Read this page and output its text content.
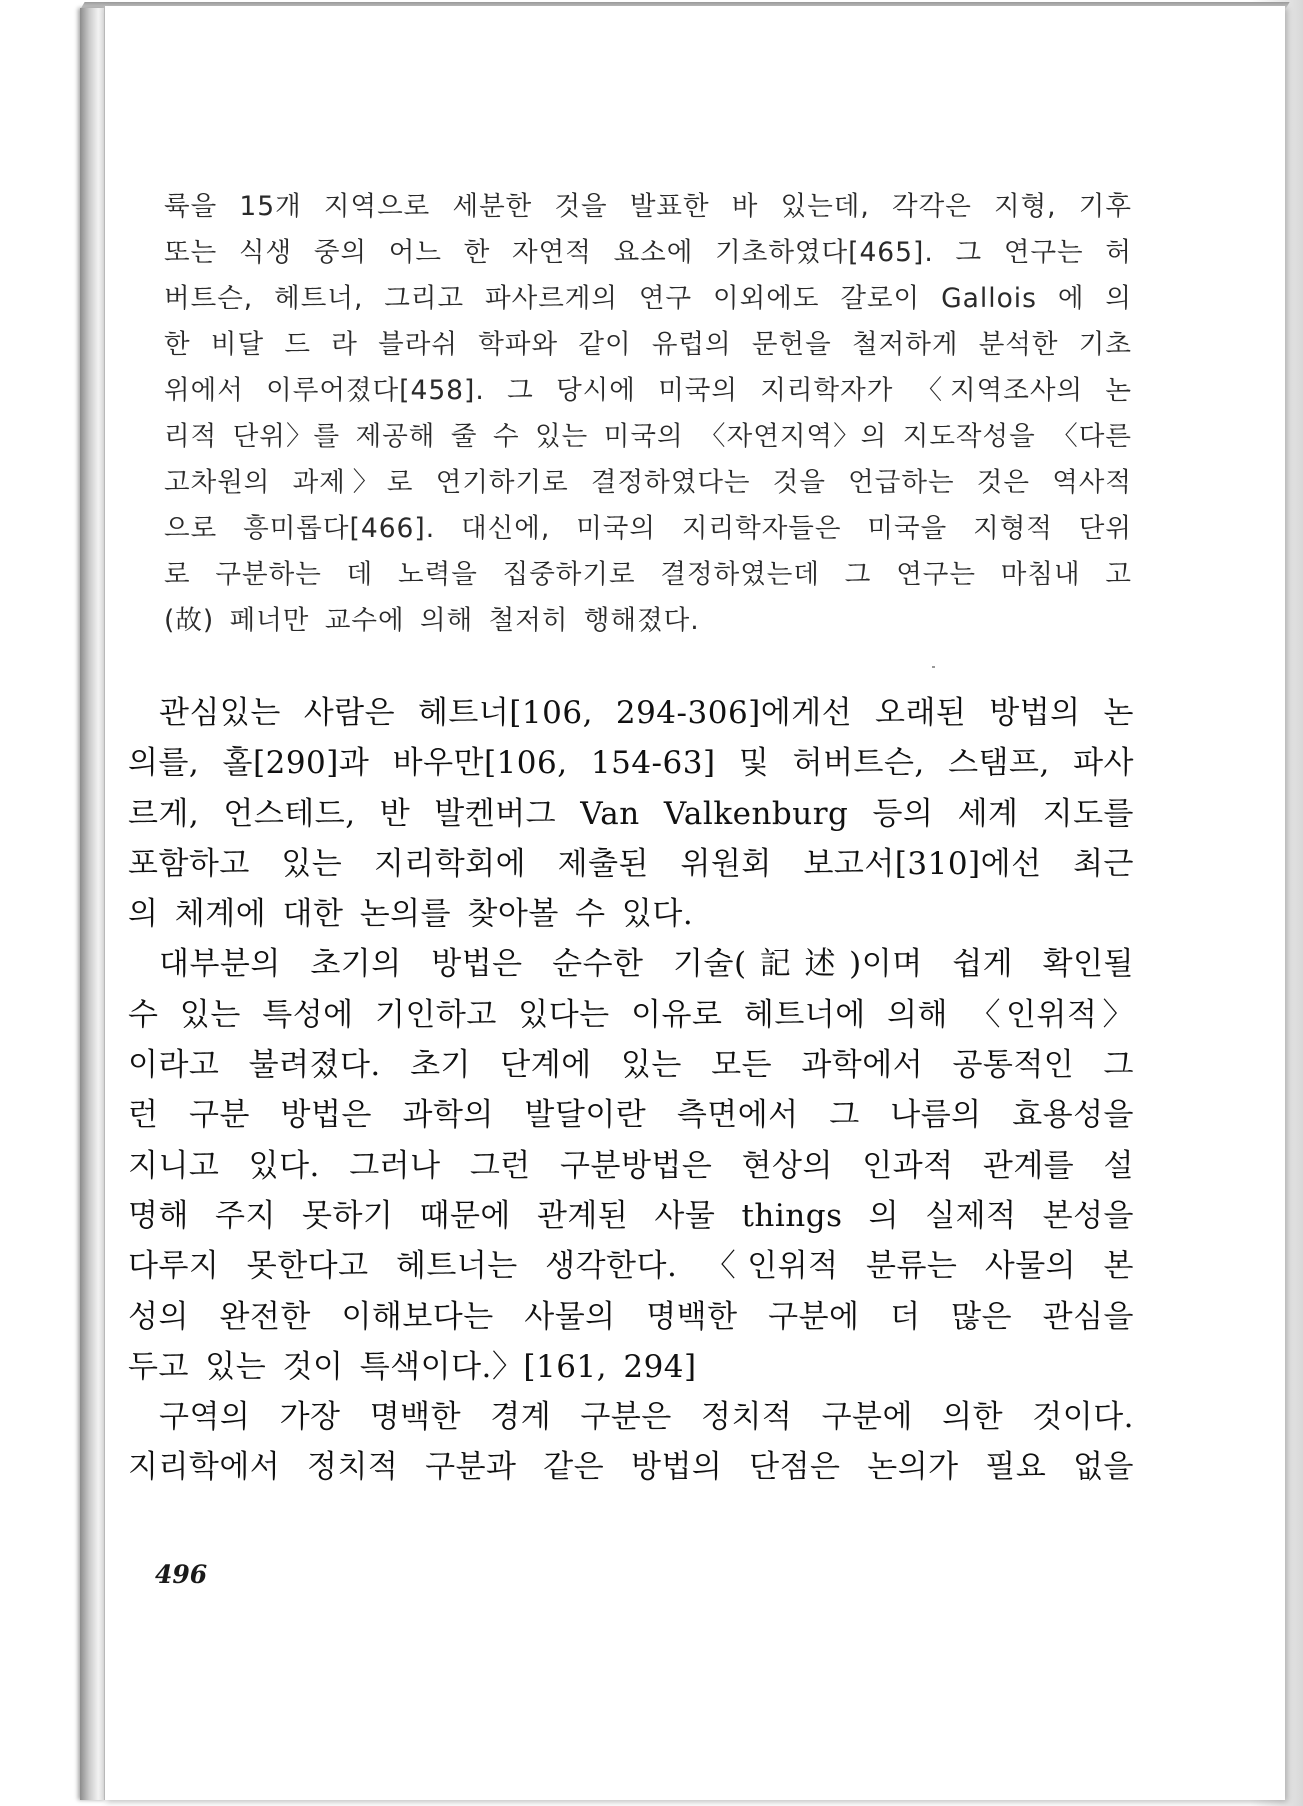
륙을 15개 지역으로 세분한 것을 발표한 바 있는데, 각각은 지형, 기후
또는 식생 중의 어느 한 자연적 요소에 기초하였다[465]. 그 연구는 허
버트슨, 헤트너, 그리고 파사르게의 연구 이외에도 갈로이 Gallois 에 의
한 비달 드 라 블라쉬 학파와 같이 유럽의 문헌을 철저하게 분석한 기초
위에서 이루어졌다[458]. 그 당시에 미국의 지리학자가 〈지역조사의 논
리적 단위〉를 제공해 줄 수 있는 미국의 〈자연지역〉의 지도작성을 〈다른
고차원의 과제〉로 연기하기로 결정하였다는 것을 언급하는 것은 역사적
으로 흥미롭다[466]. 대신에, 미국의 지리학자들은 미국을 지형적 단위
로 구분하는 데 노력을 집중하기로 결정하였는데 그 연구는 마침내 고
(故) 페너만 교수에 의해 철저히 행해졌다.
관심있는 사람은 헤트너[106, 294-306]에게선 오래된 방법의 논
의를, 홀[290]과 바우만[106, 154-63] 및 허버트슨, 스탬프, 파사
르게, 언스테드, 반 발켄버그 Van Valkenburg 등의 세계 지도를
포함하고 있는 지리학회에 제출된 위원회 보고서[310]에선 최근
의 체계에 대한 논의를 찾아볼 수 있다.
대부분의 초기의 방법은 순수한 기술(記述)이며 쉽게 확인될
수 있는 특성에 기인하고 있다는 이유로 헤트너에 의해 〈인위적〉
이라고 불려졌다. 초기 단계에 있는 모든 과학에서 공통적인 그
런 구분 방법은 과학의 발달이란 측면에서 그 나름의 효용성을
지니고 있다. 그러나 그런 구분방법은 현상의 인과적 관계를 설
명해 주지 못하기 때문에 관계된 사물 things 의 실제적 본성을
다루지 못한다고 헤트너는 생각한다. 〈인위적 분류는 사물의 본
성의 완전한 이해보다는 사물의 명백한 구분에 더 많은 관심을
두고 있는 것이 특색이다.〉[161, 294]
구역의 가장 명백한 경계 구분은 정치적 구분에 의한 것이다.
지리학에서 정치적 구분과 같은 방법의 단점은 논의가 필요 없을
496
